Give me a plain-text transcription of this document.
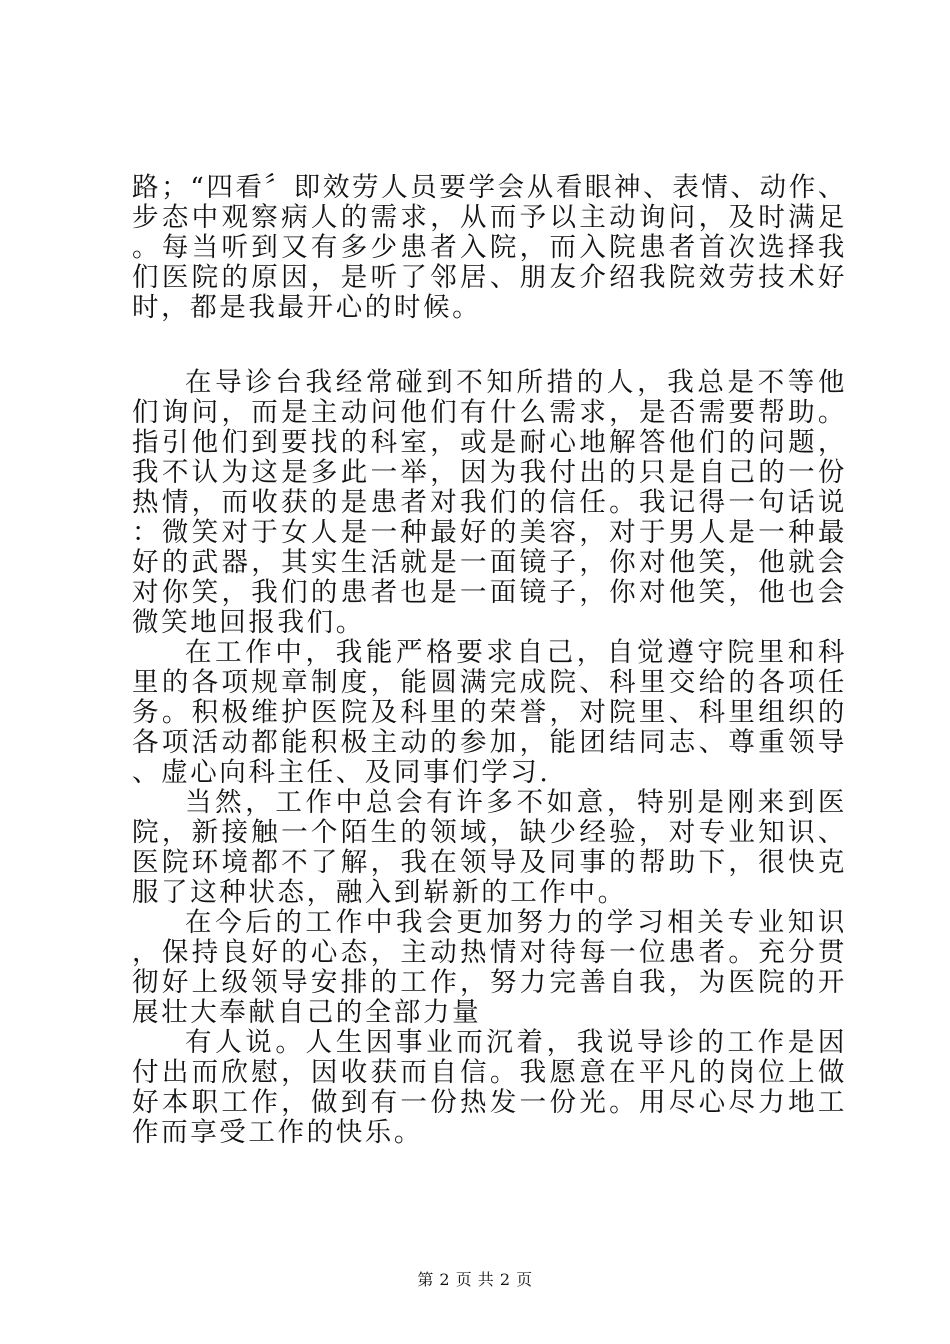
路；“四看〞即效劳人员要学会从看眼神、表情、动作、步态中观察病人的需求，从而予以主动询问，及时满足。每当听到又有多少患者入院，而入院患者首次选择我们医院的原因，是听了邻居、朋友介绍我院效劳技术好时，都是我最开心的时候。

在导诊台我经常碰到不知所措的人，我总是不等他们询问，而是主动问他们有什么需求，是否需要帮助。指引他们到要找的科室，或是耐心地解答他们的问题，我不认为这是多此一举，因为我付出的只是自己的一份热情，而收获的是患者对我们的信任。我记得一句话说：微笑对于女人是一种最好的美容，对于男人是一种最好的武器，其实生活就是一面镜子，你对他笑，他就会对你笑，我们的患者也是一面镜子，你对他笑，他也会微笑地回报我们。

在工作中，我能严格要求自己，自觉遵守院里和科里的各项规章制度，能圆满完成院、科里交给的各项任务。积极维护医院及科里的荣誉，对院里、科里组织的各项活动都能积极主动的参加，能团结同志、尊重领导、虚心向科主任、及同事们学习.

当然，工作中总会有许多不如意，特别是刚来到医院，新接触一个陌生的领域，缺少经验，对专业知识、医院环境都不了解，我在领导及同事的帮助下，很快克服了这种状态，融入到崭新的工作中。

在今后的工作中我会更加努力的学习相关专业知识，保持良好的心态，主动热情对待每一位患者。充分贯彻好上级领导安排的工作，努力完善自我，为医院的开展壮大奉献自己的全部力量

有人说。人生因事业而沉着，我说导诊的工作是因付出而欣慰，因收获而自信。我愿意在平凡的岗位上做好本职工作，做到有一份热发一份光。用尽心尽力地工作而享受工作的快乐。

第 2 页 共 2 页
